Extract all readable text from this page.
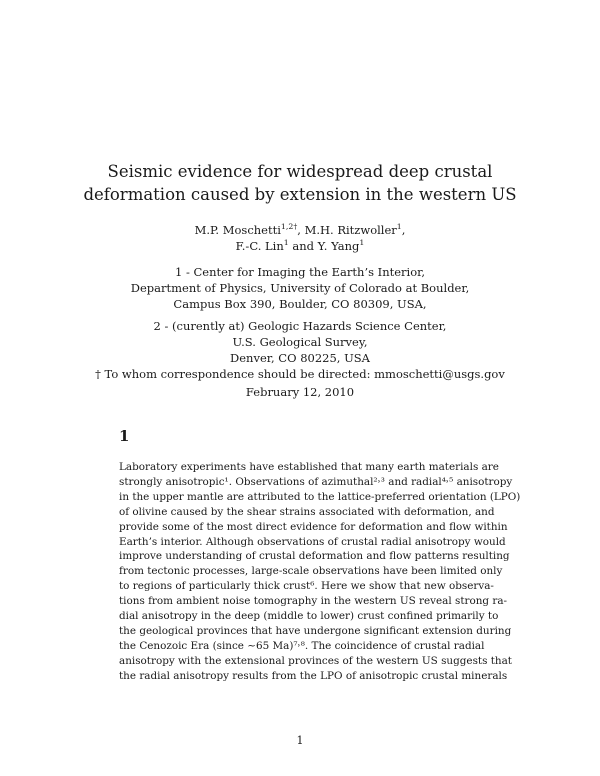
Seismic evidence for widespread deep crustal
deformation caused by extension in the western US
M.P. Moschetti$^{1,2\dagger}$, M.H. Ritzwoller$^1$,
F.-C. Lin$^1$ and Y. Yang$^1$
1 - Center for Imaging the Earth’s Interior,
Department of Physics, University of Colorado at Boulder,
Campus Box 390, Boulder, CO 80309, USA,
2 - (curently at) Geologic Hazards Science Center,
U.S. Geological Survey,
Denver, CO 80225, USA
† To whom correspondence should be directed: mmoschetti@usgs.gov
February 12, 2010
1
Laboratory experiments have established that many earth materials are
strongly anisotropic¹. Observations of azimuthal²˒³ and radial⁴˒⁵ anisotropy
in the upper mantle are attributed to the lattice-preferred orientation (LPO)
of olivine caused by the shear strains associated with deformation, and
provide some of the most direct evidence for deformation and flow within
Earth’s interior. Although observations of crustal radial anisotropy would
improve understanding of crustal deformation and flow patterns resulting
from tectonic processes, large-scale observations have been limited only
to regions of particularly thick crust⁶. Here we show that new observa-
tions from ambient noise tomography in the western US reveal strong ra-
dial anisotropy in the deep (middle to lower) crust confined primarily to
the geological provinces that have undergone significant extension during
the Cenozoic Era (since ∼65 Ma)⁷˒⁸. The coincidence of crustal radial
anisotropy with the extensional provinces of the western US suggests that
the radial anisotropy results from the LPO of anisotropic crustal minerals
1
